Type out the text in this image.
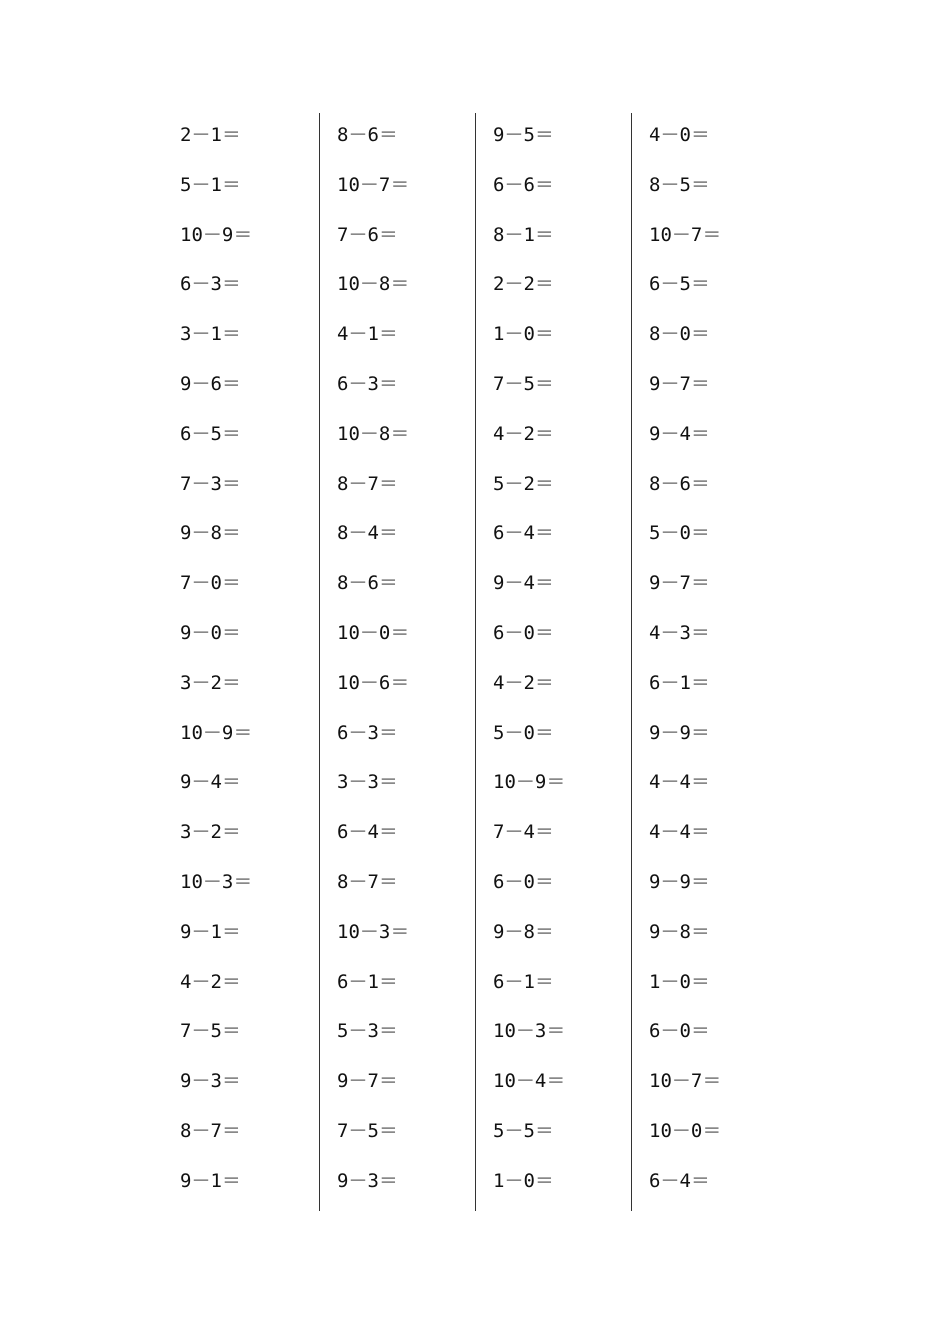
2－1＝
5－1＝
10－9＝
6－3＝
3－1＝
9－6＝
6－5＝
7－3＝
9－8＝
7－0＝
9－0＝
3－2＝
10－9＝
9－4＝
3－2＝
10－3＝
9－1＝
4－2＝
7－5＝
9－3＝
8－7＝
9－1＝
8－6＝
10－7＝
7－6＝
10－8＝
4－1＝
6－3＝
10－8＝
8－7＝
8－4＝
8－6＝
10－0＝
10－6＝
6－3＝
3－3＝
6－4＝
8－7＝
10－3＝
6－1＝
5－3＝
9－7＝
7－5＝
9－3＝
9－5＝
6－6＝
8－1＝
2－2＝
1－0＝
7－5＝
4－2＝
5－2＝
6－4＝
9－4＝
6－0＝
4－2＝
5－0＝
10－9＝
7－4＝
6－0＝
9－8＝
6－1＝
10－3＝
10－4＝
5－5＝
1－0＝
4－0＝
8－5＝
10－7＝
6－5＝
8－0＝
9－7＝
9－4＝
8－6＝
5－0＝
9－7＝
4－3＝
6－1＝
9－9＝
4－4＝
4－4＝
9－9＝
9－8＝
1－0＝
6－0＝
10－7＝
10－0＝
6－4＝
